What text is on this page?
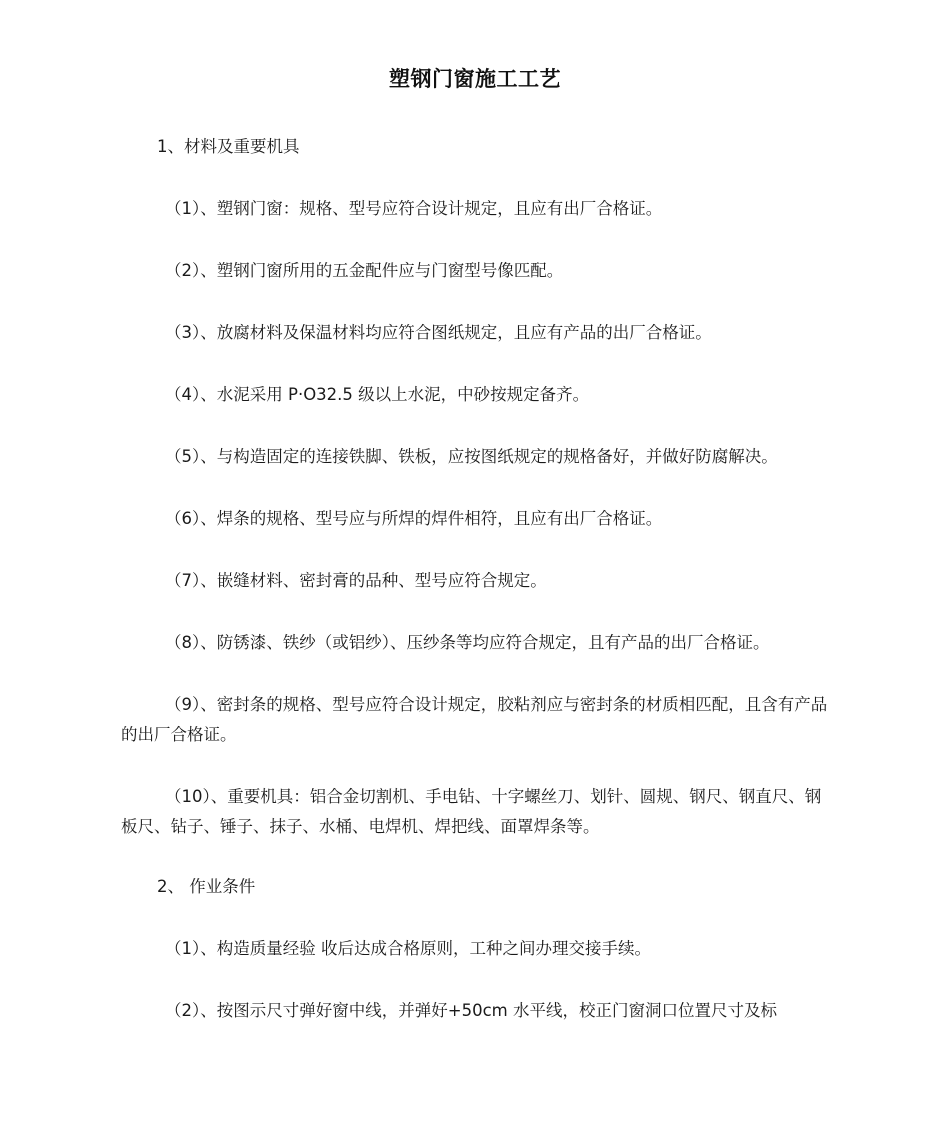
塑钢门窗施工工艺
1、材料及重要机具
（1）、塑钢门窗：规格、型号应符合设计规定，且应有出厂合格证。
（2）、塑钢门窗所用的五金配件应与门窗型号像匹配。
（3）、放腐材料及保温材料均应符合图纸规定，且应有产品的出厂合格证。
（4）、水泥采用 P·O32.5 级以上水泥，中砂按规定备齐。
（5）、与构造固定的连接铁脚、铁板，应按图纸规定的规格备好，并做好防腐解决。
（6）、焊条的规格、型号应与所焊的焊件相符，且应有出厂合格证。
（7）、嵌缝材料、密封膏的品种、型号应符合规定。
（8）、防锈漆、铁纱（或铝纱）、压纱条等均应符合规定，且有产品的出厂合格证。
（9）、密封条的规格、型号应符合设计规定，胶粘剂应与密封条的材质相匹配，且含有产品的出厂合格证。
（10）、重要机具：铝合金切割机、手电钻、十字螺丝刀、划针、圆规、钢尺、钢直尺、钢板尺、钻子、锤子、抹子、水桶、电焊机、焊把线、面罩焊条等。
2、 作业条件
（1）、构造质量经验 收后达成合格原则，工种之间办理交接手续。
（2）、按图示尺寸弹好窗中线，并弹好+50cm 水平线，校正门窗洞口位置尺寸及标
